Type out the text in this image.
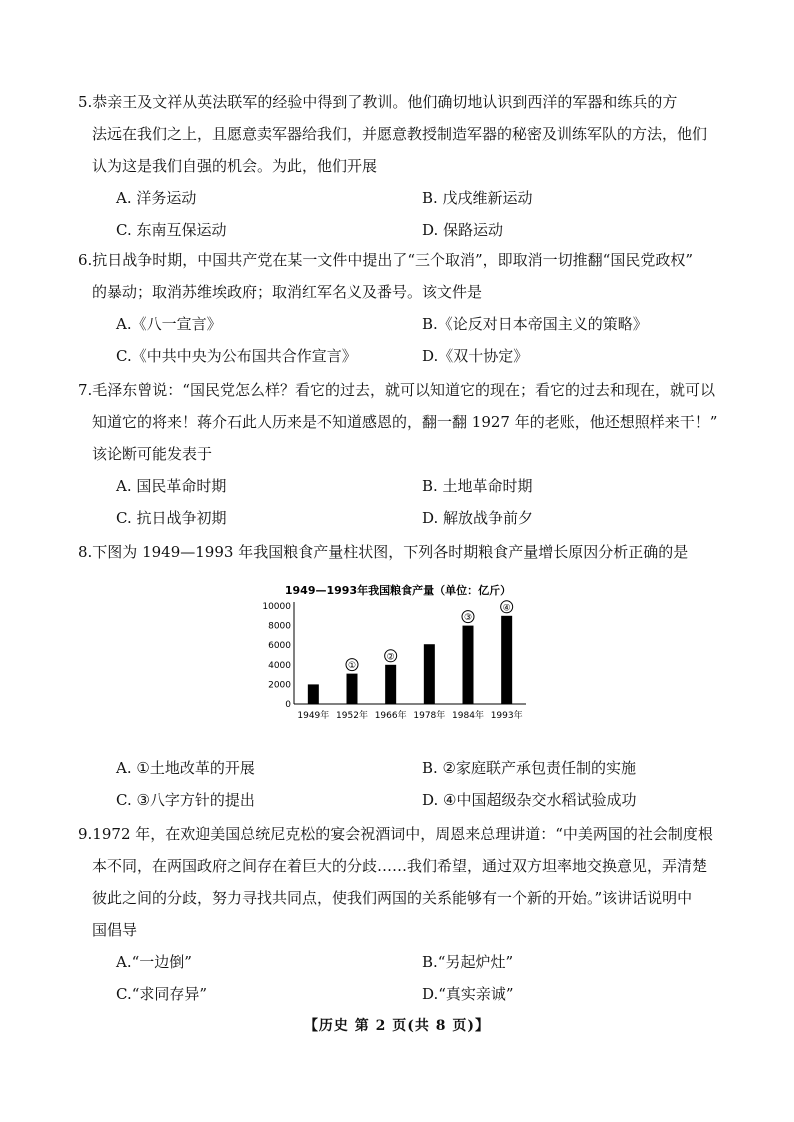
5.恭亲王及文祥从英法联军的经验中得到了教训。他们确切地认识到西洋的军器和练兵的方
法远在我们之上，且愿意卖军器给我们，并愿意教授制造军器的秘密及训练军队的方法，他们
认为这是我们自强的机会。为此，他们开展
A. 洋务运动	B. 戊戌维新运动
C. 东南互保运动	D. 保路运动
6.抗日战争时期，中国共产党在某一文件中提出了“三个取消”，即取消一切推翻“国民党政权”
的暴动；取消苏维埃政府；取消红军名义及番号。该文件是
A.《八一宣言》	B.《论反对日本帝国主义的策略》
C.《中共中央为公布国共合作宣言》	D.《双十协定》
7.毛泽东曾说：“国民党怎么样？看它的过去，就可以知道它的现在；看它的过去和现在，就可以
知道它的将来！蒋介石此人历来是不知道感恩的，翻一翻 1927 年的老账，他还想照样来干！”
该论断可能发表于
A. 国民革命时期	B. 土地革命时期
C. 抗日战争初期	D. 解放战争前夕
8.下图为 1949—1993 年我国粮食产量柱状图，下列各时期粮食产量增长原因分析正确的是
1949—1993年我国粮食产量（单位：亿斤）
0
2000
4000
6000
8000
10000
1949年 1952年
①
1966年
②
1978年 1984年
③
1993年
④
A. ①土地改革的开展	B. ②家庭联产承包责任制的实施
C. ③八字方针的提出	D. ④中国超级杂交水稻试验成功
9.1972 年，在欢迎美国总统尼克松的宴会祝酒词中，周恩来总理讲道：“中美两国的社会制度根
本不同，在两国政府之间存在着巨大的分歧……我们希望，通过双方坦率地交换意见，弄清楚
彼此之间的分歧，努力寻找共同点，使我们两国的关系能够有一个新的开始。”该讲话说明中
国倡导
A.“一边倒”	B.“另起炉灶”
C.“求同存异”	D.“真实亲诚”
【历史 第 2 页(共 8 页)】
